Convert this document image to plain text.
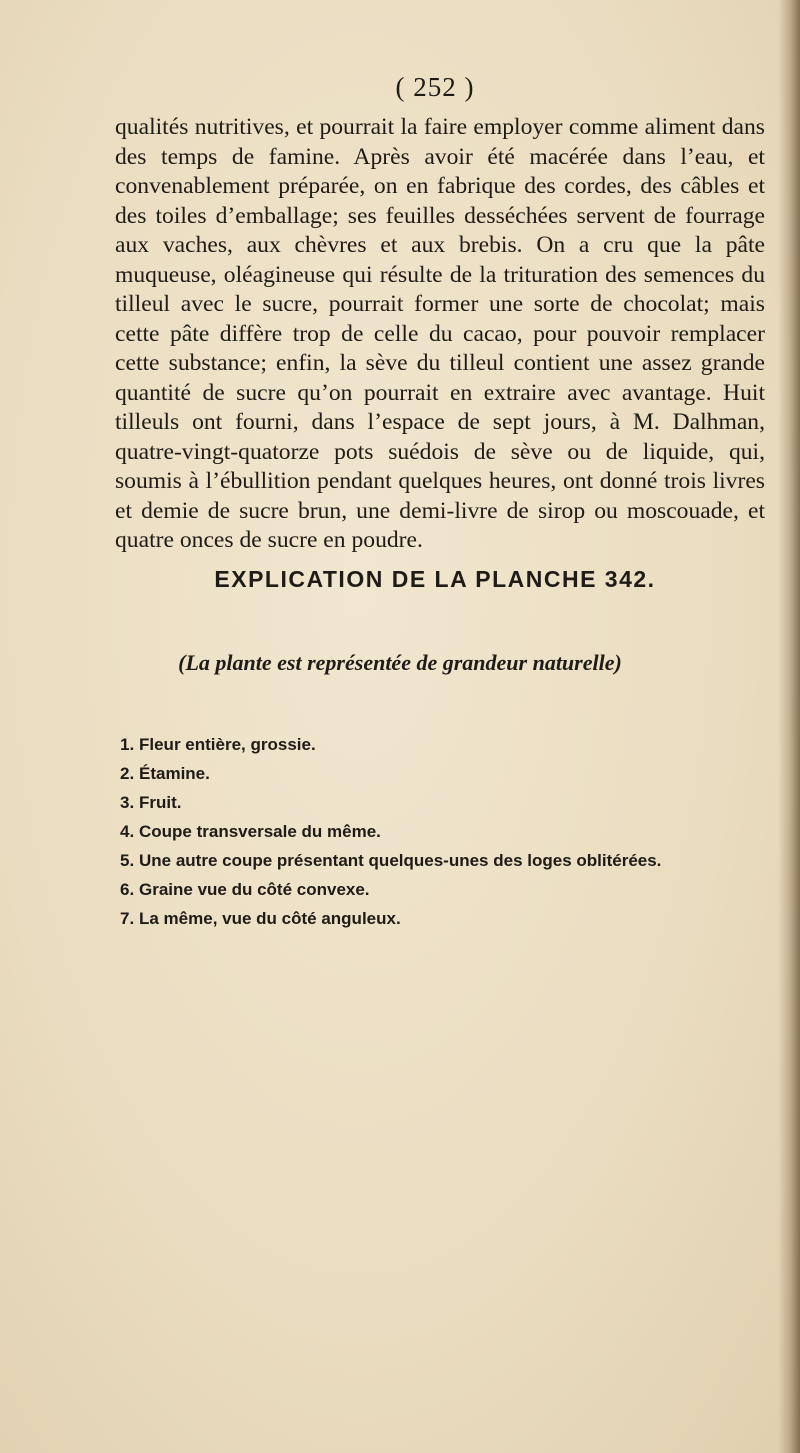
( 252 )

qualités nutritives, et pourrait la faire employer comme aliment dans des temps de famine. Après avoir été macérée dans l’eau, et convenablement préparée, on en fabrique des cordes, des câbles et des toiles d’emballage; ses feuilles desséchées servent de fourrage aux vaches, aux chèvres et aux brebis. On a cru que la pâte muqueuse, oléagineuse qui résulte de la trituration des semences du tilleul avec le sucre, pourrait former une sorte de chocolat; mais cette pâte diffère trop de celle du cacao, pour pouvoir remplacer cette substance; enfin, la sève du tilleul contient une assez grande quantité de sucre qu’on pourrait en extraire avec avantage. Huit tilleuls ont fourni, dans l’espace de sept jours, à M. Dalhman, quatre-vingt-quatorze pots suédois de sève ou de liquide, qui, soumis à l’ébullition pendant quelques heures, ont donné trois livres et demie de sucre brun, une demi-livre de sirop ou moscouade, et quatre onces de sucre en poudre.

EXPLICATION DE LA PLANCHE 342.
(La plante est représentée de grandeur naturelle)
1. Fleur entière, grossie.
2. Étamine.
3. Fruit.
4. Coupe transversale du même.
5. Une autre coupe présentant quelques-unes des loges oblitérées.
6. Graine vue du côté convexe.
7. La même, vue du côté anguleux.
